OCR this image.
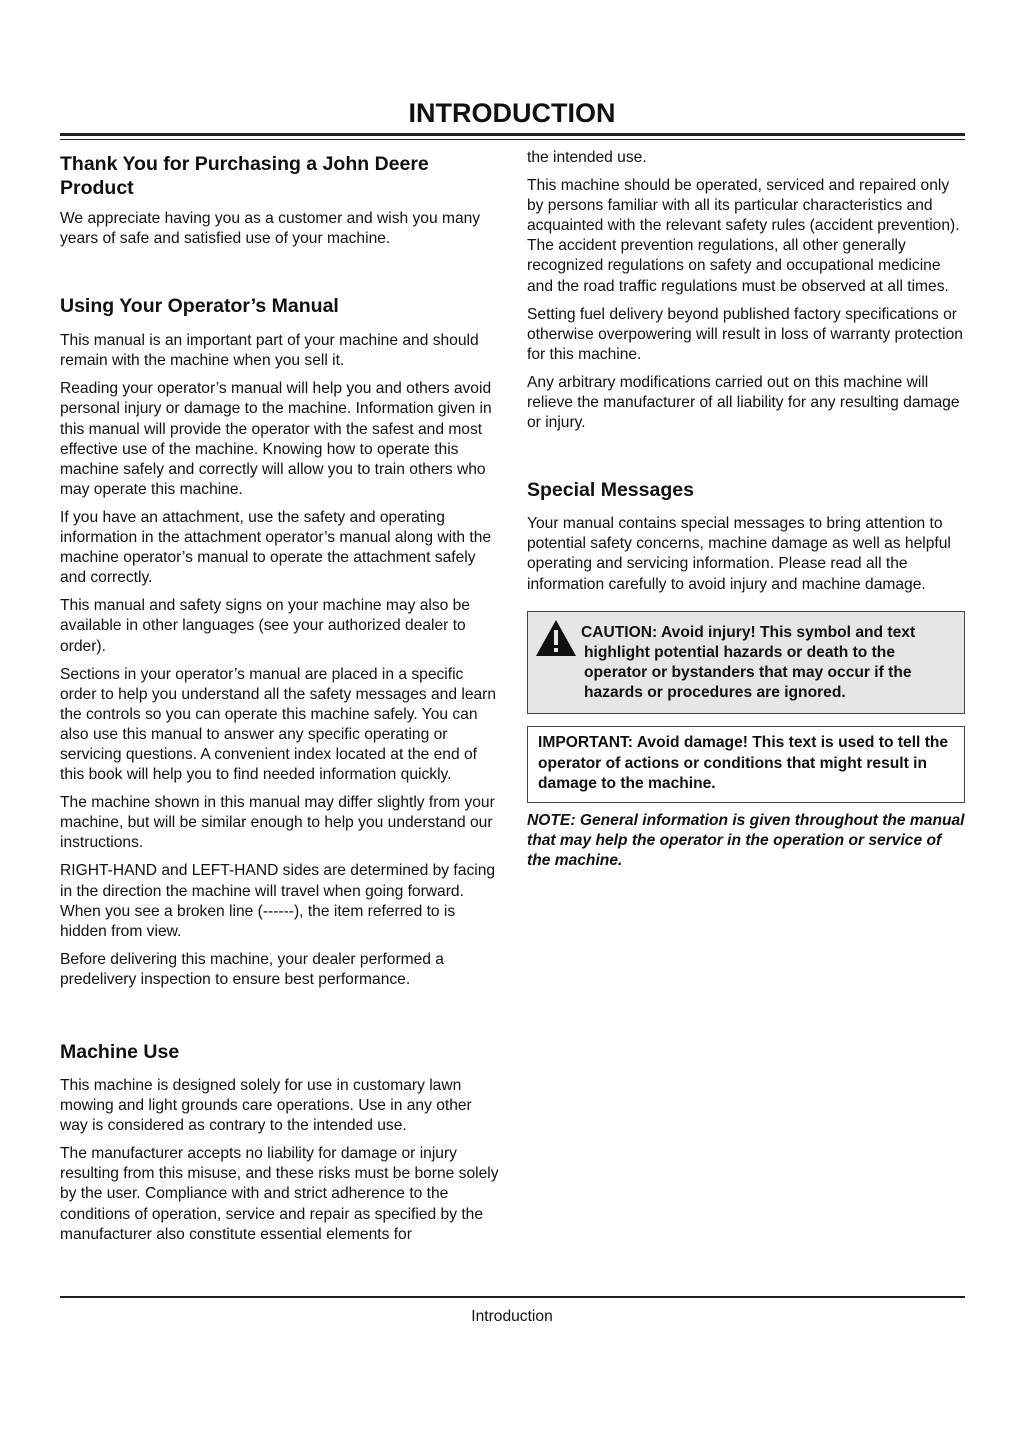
INTRODUCTION
Thank You for Purchasing a John Deere Product

We appreciate having you as a customer and wish you many years of safe and satisfied use of your machine.

Using Your Operator’s Manual

This manual is an important part of your machine and should remain with the machine when you sell it.

Reading your operator’s manual will help you and others avoid personal injury or damage to the machine. Information given in this manual will provide the operator with the safest and most effective use of the machine. Knowing how to operate this machine safely and correctly will allow you to train others who may operate this machine.

If you have an attachment, use the safety and operating information in the attachment operator’s manual along with the machine operator’s manual to operate the attachment safely and correctly.

This manual and safety signs on your machine may also be available in other languages (see your authorized dealer to order).

Sections in your operator’s manual are placed in a specific order to help you understand all the safety messages and learn the controls so you can operate this machine safely. You can also use this manual to answer any specific operating or servicing questions. A convenient index located at the end of this book will help you to find needed information quickly.

The machine shown in this manual may differ slightly from your machine, but will be similar enough to help you understand our instructions.

RIGHT-HAND and LEFT-HAND sides are determined by facing in the direction the machine will travel when going forward. When you see a broken line (------), the item referred to is hidden from view.

Before delivering this machine, your dealer performed a predelivery inspection to ensure best performance.

Machine Use

This machine is designed solely for use in customary lawn mowing and light grounds care operations. Use in any other way is considered as contrary to the intended use.

The manufacturer accepts no liability for damage or injury resulting from this misuse, and these risks must be borne solely by the user. Compliance with and strict adherence to the conditions of operation, service and repair as specified by the manufacturer also constitute essential elements for

the intended use.

This machine should be operated, serviced and repaired only by persons familiar with all its particular characteristics and acquainted with the relevant safety rules (accident prevention). The accident prevention regulations, all other generally recognized regulations on safety and occupational medicine and the road traffic regulations must be observed at all times.

Setting fuel delivery beyond published factory specifications or otherwise overpowering will result in loss of warranty protection for this machine.

Any arbitrary modifications carried out on this machine will relieve the manufacturer of all liability for any resulting damage or injury.

Special Messages

Your manual contains special messages to bring attention to potential safety concerns, machine damage as well as helpful operating and servicing information. Please read all the information carefully to avoid injury and machine damage.

CAUTION: Avoid injury! This symbol and text highlight potential hazards or death to the operator or bystanders that may occur if the hazards or procedures are ignored.
IMPORTANT: Avoid damage! This text is used to tell the operator of actions or conditions that might result in damage to the machine.
NOTE: General information is given throughout the manual that may help the operator in the operation or service of the machine.
Introduction
